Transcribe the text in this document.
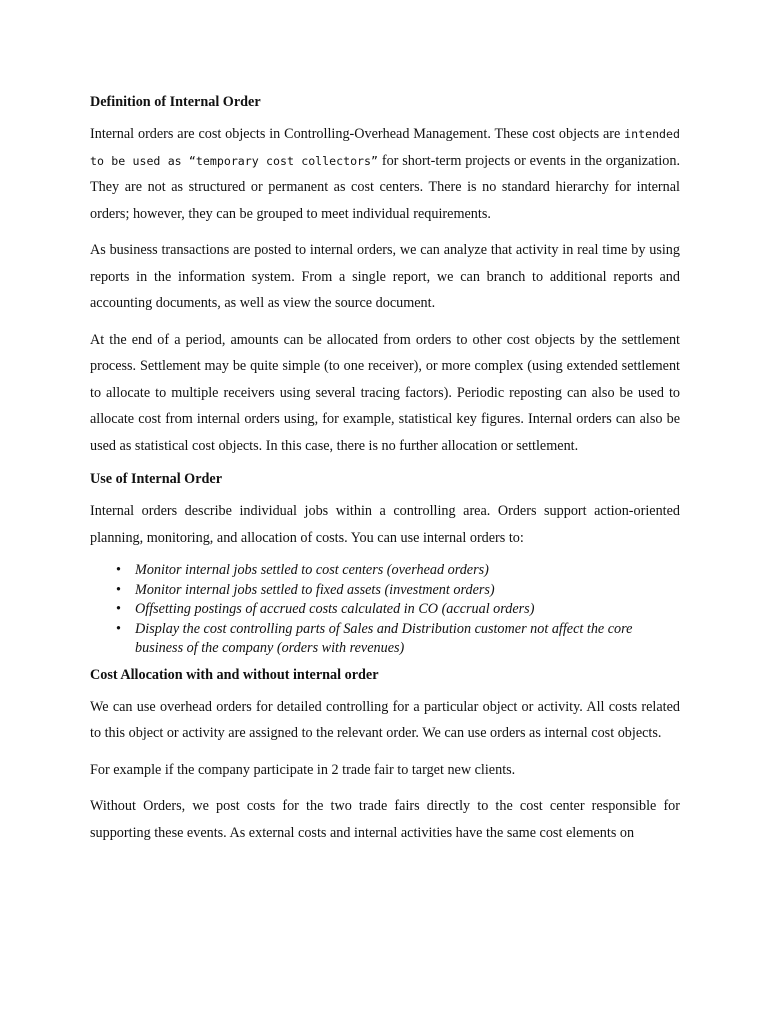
Definition of Internal Order

Internal orders are cost objects in Controlling-Overhead Management. These cost objects are intended to be used as “temporary cost collectors” for short-term projects or events in the organization. They are not as structured or permanent as cost centers. There is no standard hierarchy for internal orders; however, they can be grouped to meet individual requirements.

As business transactions are posted to internal orders, we can analyze that activity in real time by using reports in the information system. From a single report, we can branch to additional reports and accounting documents, as well as view the source document.

At the end of a period, amounts can be allocated from orders to other cost objects by the settlement process. Settlement may be quite simple (to one receiver), or more complex (using extended settlement to allocate to multiple receivers using several tracing factors). Periodic reposting can also be used to allocate cost from internal orders using, for example, statistical key figures. Internal orders can also be used as statistical cost objects. In this case, there is no further allocation or settlement.

Use of Internal Order

Internal orders describe individual jobs within a controlling area. Orders support action-oriented planning, monitoring, and allocation of costs. You can use internal orders to:

• Monitor internal jobs settled to cost centers (overhead orders)
• Monitor internal jobs settled to fixed assets (investment orders)
• Offsetting postings of accrued costs calculated in CO (accrual orders)
• Display the cost controlling parts of Sales and Distribution customer not affect the core business of the company (orders with revenues)
Cost Allocation with and without internal order

We can use overhead orders for detailed controlling for a particular object or activity. All costs related to this object or activity are assigned to the relevant order. We can use orders as internal cost objects.

For example if the company participate in 2 trade fair to target new clients.

Without Orders, we post costs for the two trade fairs directly to the cost center responsible for supporting these events. As external costs and internal activities have the same cost elements on
